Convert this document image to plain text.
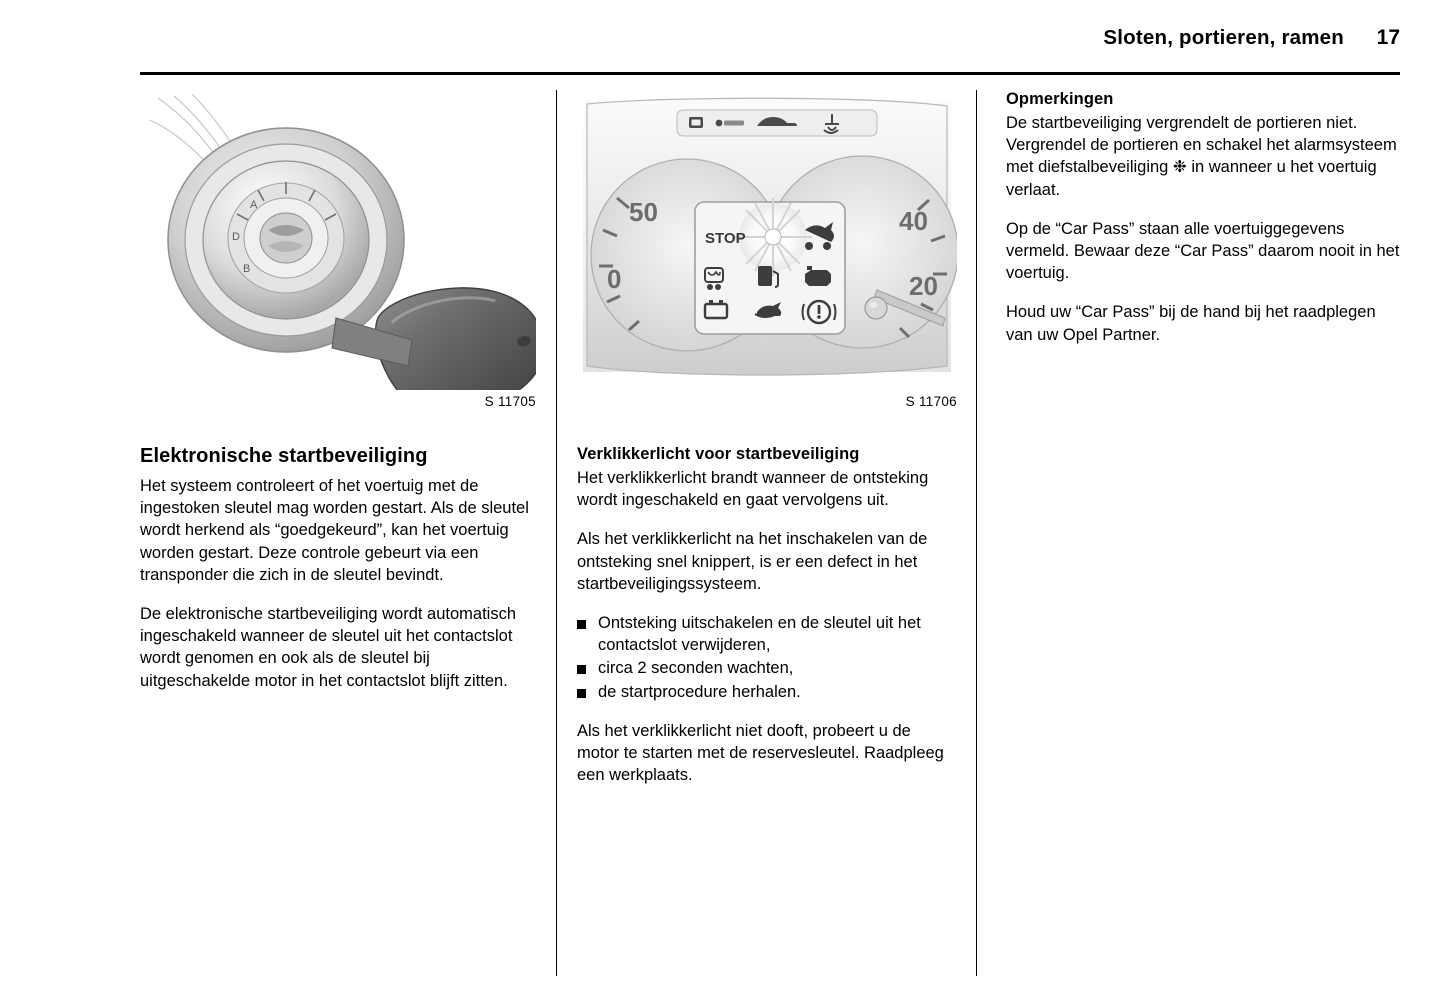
Sloten, portieren, ramen 17
A
D
B
S 11705
Elektronische startbeveiliging

Het systeem controleert of het voertuig met de ingestoken sleutel mag worden gestart. Als de sleutel wordt herkend als “goedgekeurd”, kan het voertuig worden gestart. Deze controle gebeurt via een transponder die zich in de sleutel bevindt.

De elektronische startbeveiliging wordt automatisch ingeschakeld wanneer de sleutel uit het contactslot wordt genomen en ook als de sleutel bij uitgeschakelde motor in het contactslot blijft zitten.

50
0
40
20
STOP
S 11706
Verklikkerlicht voor startbeveiliging

Het verklikkerlicht brandt wanneer de ontsteking wordt ingeschakeld en gaat vervolgens uit.

Als het verklikkerlicht na het inschakelen van de ontsteking snel knippert, is er een defect in het startbeveiligingssysteem.

Ontsteking uitschakelen en de sleutel uit het contactslot verwijderen,
circa 2 seconden wachten,
de startprocedure herhalen.

Als het verklikkerlicht niet dooft, probeert u de motor te starten met de reservesleutel. Raadpleeg een werkplaats.

Opmerkingen

De startbeveiliging vergrendelt de portieren niet. Vergrendel de portieren en schakel het alarmsysteem met diefstalbeveiliging ❉ in wanneer u het voertuig verlaat.

Op de “Car Pass” staan alle voertuiggegevens vermeld. Bewaar deze “Car Pass” daarom nooit in het voertuig.

Houd uw “Car Pass” bij de hand bij het raadplegen van uw Opel Partner.
